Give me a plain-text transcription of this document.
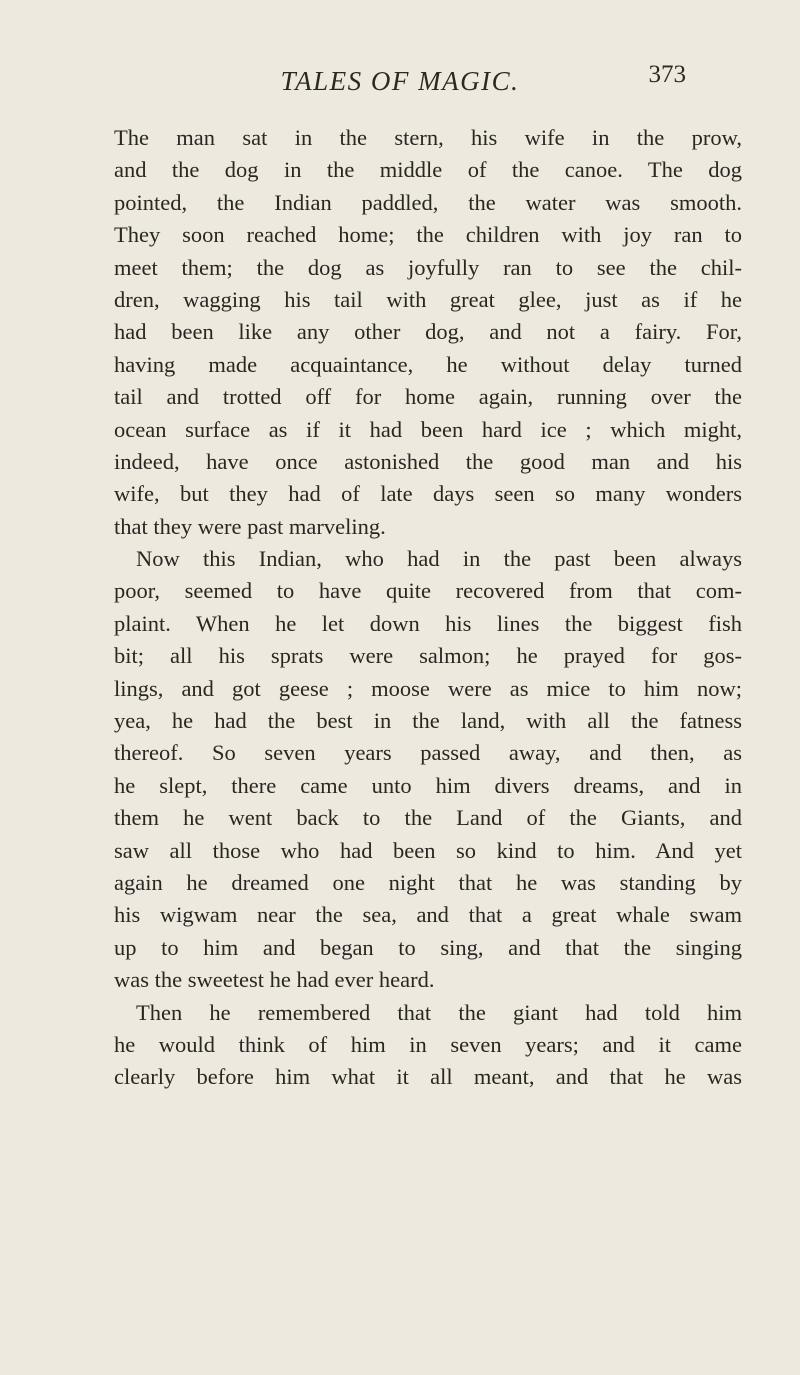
TALES OF MAGIC.	373
The man sat in the stern, his wife in the prow,
and the dog in the middle of the canoe. The dog
pointed, the Indian paddled, the water was smooth.
They soon reached home; the children with joy ran to
meet them; the dog as joyfully ran to see the chil-
dren, wagging his tail with great glee, just as if he
had been like any other dog, and not a fairy. For,
having made acquaintance, he without delay turned
tail and trotted off for home again, running over the
ocean surface as if it had been hard ice ; which might,
indeed, have once astonished the good man and his
wife, but they had of late days seen so many wonders
that they were past marveling.
Now this Indian, who had in the past been always
poor, seemed to have quite recovered from that com-
plaint. When he let down his lines the biggest fish
bit; all his sprats were salmon; he prayed for gos-
lings, and got geese ; moose were as mice to him now;
yea, he had the best in the land, with all the fatness
thereof. So seven years passed away, and then, as
he slept, there came unto him divers dreams, and in
them he went back to the Land of the Giants, and
saw all those who had been so kind to him. And yet
again he dreamed one night that he was standing by
his wigwam near the sea, and that a great whale swam
up to him and began to sing, and that the singing
was the sweetest he had ever heard.
Then he remembered that the giant had told him
he would think of him in seven years; and it came
clearly before him what it all meant, and that he was
